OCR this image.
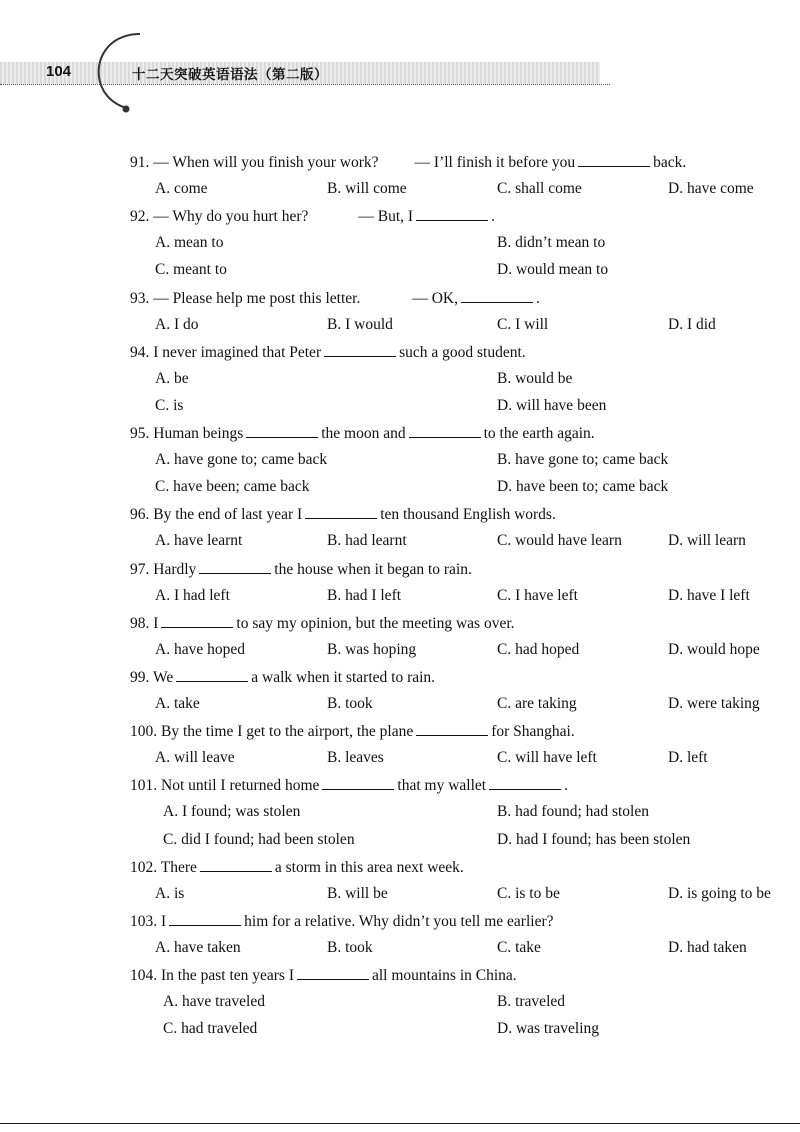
104	十二天突破英语语法（第二版）
91. — When will you finish your work? — I’ll finish it before you	back.
A. come	B. will come	C. shall come	D. have come
92. — Why do you hurt her?	— But, I	.
A. mean to	B. didn’t mean to
C. meant to	D. would mean to
93. — Please help me post this letter.	— OK,	.
A. I do	B. I would	C. I will	D. I did
94. I never imagined that Peter	such a good student.
A. be	B. would be
C. is	D. will have been
95. Human beings	the moon and	to the earth again.
A. have gone to; came back	B. have gone to; came back
C. have been; came back	D. have been to; came back
96. By the end of last year I	ten thousand English words.
A. have learnt	B. had learnt	C. would have learn	D. will learn
97. Hardly	the house when it began to rain.
A. I had left	B. had I left	C. I have left	D. have I left
98. I	to say my opinion, but the meeting was over.
A. have hoped	B. was hoping	C. had hoped	D. would hope
99. We	a walk when it started to rain.
A. take	B. took	C. are taking	D. were taking
100. By the time I get to the airport, the plane	for Shanghai.
A. will leave	B. leaves	C. will have left	D. left
101. Not until I returned home	that my wallet	.
A. I found; was stolen	B. had found; had stolen
C. did I found; had been stolen	D. had I found; has been stolen
102. There	a storm in this area next week.
A. is	B. will be	C. is to be	D. is going to be
103. I	him for a relative. Why didn’t you tell me earlier?
A. have taken	B. took	C. take	D. had taken
104. In the past ten years I	all mountains in China.
A. have traveled	B. traveled
C. had traveled	D. was traveling
